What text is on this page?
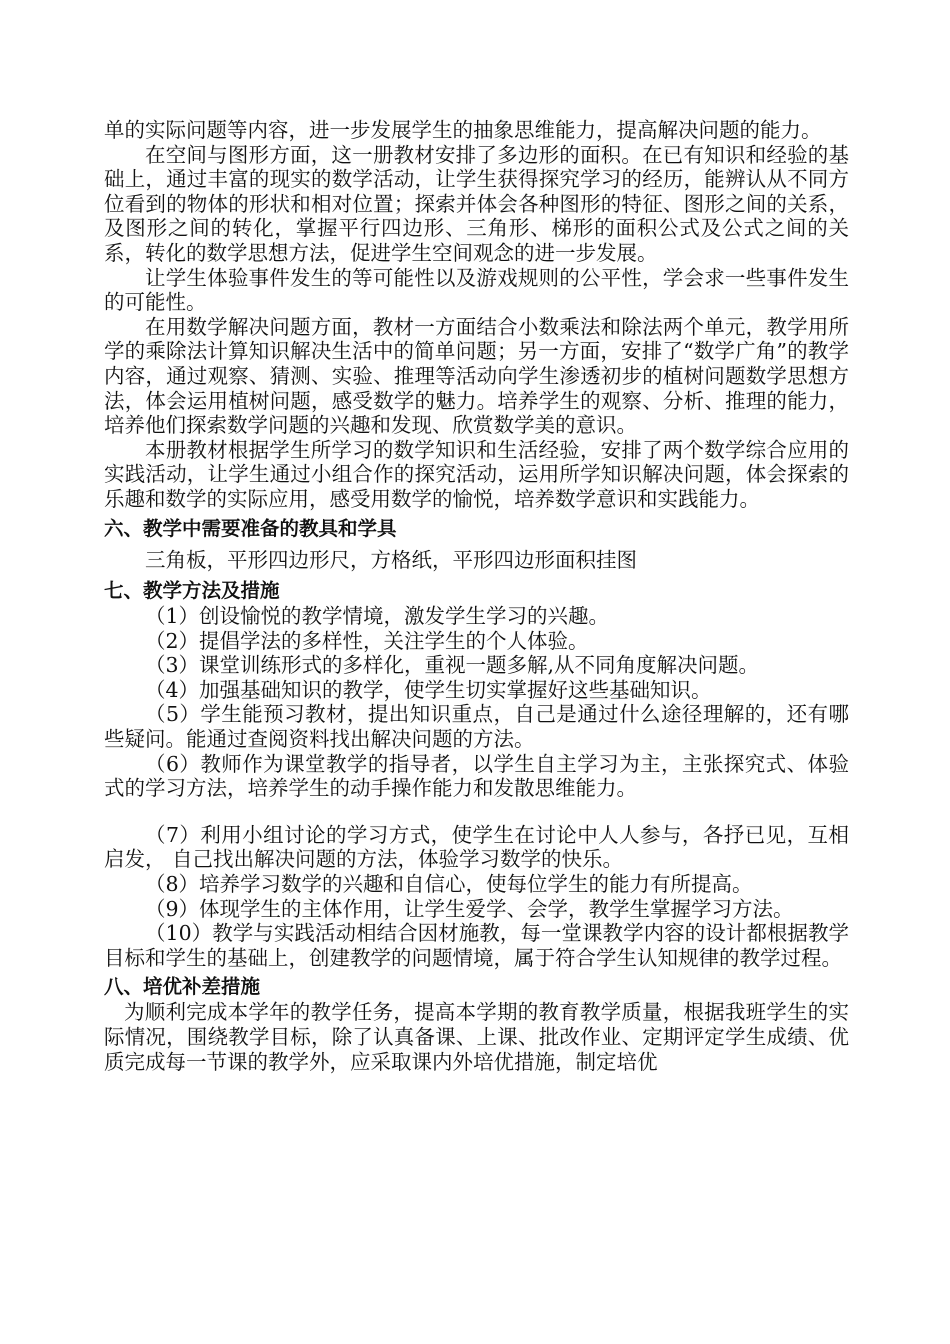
单的实际问题等内容，进一步发展学生的抽象思维能力，提高解决问题的能力。

在空间与图形方面，这一册教材安排了多边形的面积。在已有知识和经验的基础上，通过丰富的现实的数学活动，让学生获得探究学习的经历，能辨认从不同方位看到的物体的形状和相对位置；探索并体会各种图形的特征、图形之间的关系， 及图形之间的转化，掌握平行四边形、三角形、梯形的面积公式及公式之间的关系，转化的数学思想方法，促进学生空间观念的进一步发展。

让学生体验事件发生的等可能性以及游戏规则的公平性，学会求一些事件发生的可能性。

在用数学解决问题方面，教材一方面结合小数乘法和除法两个单元，教学用所学的乘除法计算知识解决生活中的简单问题；另一方面，安排了“数学广角”的教学内容，通过观察、猜测、实验、推理等活动向学生渗透初步的植树问题数学思想方法，体会运用植树问题，感受数学的魅力。培养学生的观察、分析、推理的能力，培养他们探索数学问题的兴趣和发现、欣赏数学美的意识。

本册教材根据学生所学习的数学知识和生活经验，安排了两个数学综合应用的实践活动，让学生通过小组合作的探究活动，运用所学知识解决问题，体会探索的乐趣和数学的实际应用，感受用数学的愉悦，培养数学意识和实践能力。

六、教学中需要准备的教具和学具

三角板，平形四边形尺，方格纸，平形四边形面积挂图

七、教学方法及措施

（1）创设愉悦的教学情境，激发学生学习的兴趣。

（2）提倡学法的多样性，关注学生的个人体验。

（3）课堂训练形式的多样化，重视一题多解,从不同角度解决问题。

（4）加强基础知识的教学，使学生切实掌握好这些基础知识。

（5）学生能预习教材，提出知识重点，自己是通过什么途径理解的，还有哪些疑问。能通过查阅资料找出解决问题的方法。

（6）教师作为课堂教学的指导者，以学生自主学习为主，主张探究式、体验式的学习方法，培养学生的动手操作能力和发散思维能力。

（7）利用小组讨论的学习方式，使学生在讨论中人人参与，各抒已见，互相启发， 自己找出解决问题的方法，体验学习数学的快乐。

（8）培养学习数学的兴趣和自信心，使每位学生的能力有所提高。

（9）体现学生的主体作用，让学生爱学、会学，教学生掌握学习方法。

（10）教学与实践活动相结合因材施教，每一堂课教学内容的设计都根据教学目标和学生的基础上，创建教学的问题情境，属于符合学生认知规律的教学过程。

八、培优补差措施

为顺利完成本学年的教学任务，提高本学期的教育教学质量，根据我班学生的实际情况，围绕教学目标，除了认真备课、上课、批改作业、定期评定学生成绩、优质完成每一节课的教学外，应采取课内外培优措施，制定培优
